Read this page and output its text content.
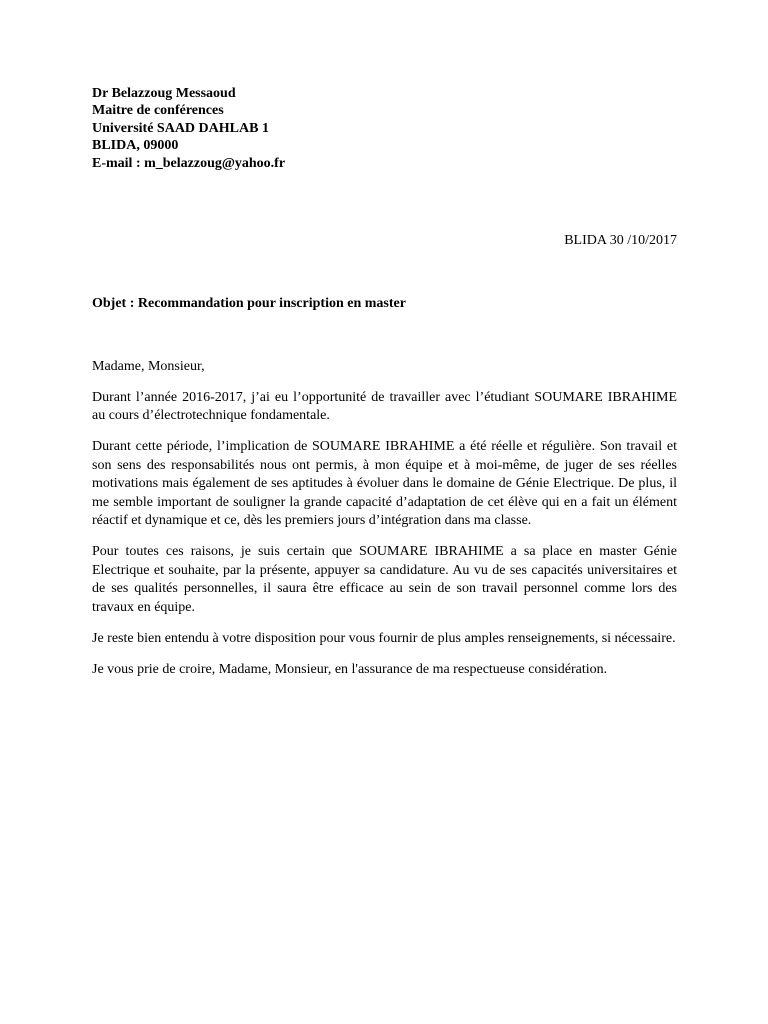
Dr Belazzoug Messaoud
Maitre de conférences
Université SAAD DAHLAB 1
BLIDA, 09000
E-mail : m_belazzoug@yahoo.fr
BLIDA 30 /10/2017
Objet : Recommandation pour inscription en master

Madame, Monsieur,

Durant l’année 2016-2017, j’ai eu l’opportunité de travailler avec l’étudiant SOUMARE IBRAHIME au cours d’électrotechnique fondamentale.

Durant cette période, l’implication de SOUMARE IBRAHIME a été réelle et régulière. Son travail et son sens des responsabilités nous ont permis, à mon équipe et à moi-même, de juger de ses réelles motivations mais également de ses aptitudes à évoluer dans le domaine de Génie Electrique. De plus, il me semble important de souligner la grande capacité d’adaptation de cet élève qui en a fait un élément réactif et dynamique et ce, dès les premiers jours d’intégration dans ma classe.

Pour toutes ces raisons, je suis certain que SOUMARE IBRAHIME a sa place en master Génie Electrique et souhaite, par la présente, appuyer sa candidature. Au vu de ses capacités universitaires et de ses qualités personnelles, il saura être efficace au sein de son travail personnel comme lors des travaux en équipe.

Je reste bien entendu à votre disposition pour vous fournir de plus amples renseignements, si nécessaire.

Je vous prie de croire, Madame, Monsieur, en l'assurance de ma respectueuse considération.
